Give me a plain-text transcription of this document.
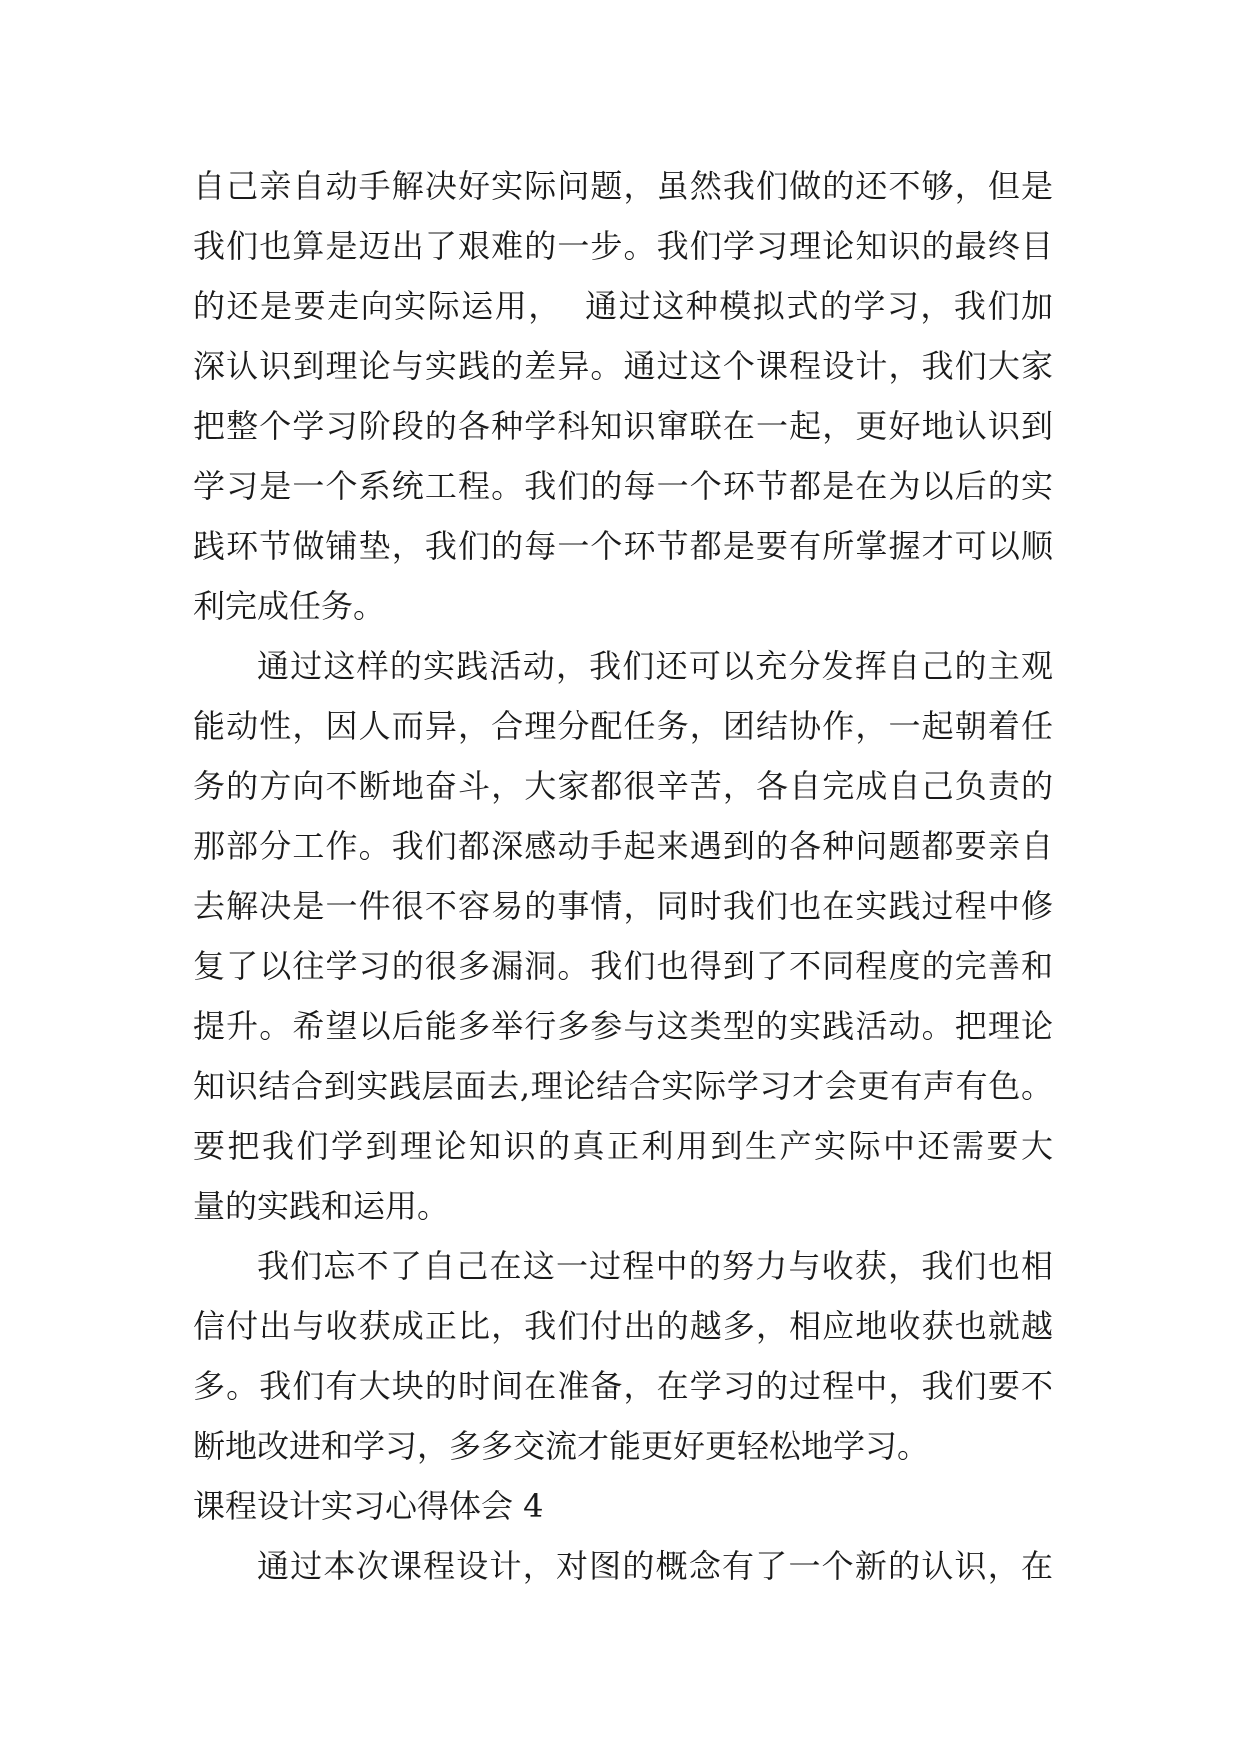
自己亲自动手解决好实际问题，虽然我们做的还不够，但是
我们也算是迈出了艰难的一步。我们学习理论知识的最终目
的还是要走向实际运用，  通过这种模拟式的学习，我们加
深认识到理论与实践的差异。通过这个课程设计，我们大家
把整个学习阶段的各种学科知识窜联在一起，更好地认识到
学习是一个系统工程。我们的每一个环节都是在为以后的实
践环节做铺垫，我们的每一个环节都是要有所掌握才可以顺
利完成任务。
通过这样的实践活动，我们还可以充分发挥自己的主观
能动性，因人而异，合理分配任务，团结协作，一起朝着任
务的方向不断地奋斗，大家都很辛苦，各自完成自己负责的
那部分工作。我们都深感动手起来遇到的各种问题都要亲自
去解决是一件很不容易的事情，同时我们也在实践过程中修
复了以往学习的很多漏洞。我们也得到了不同程度的完善和
提升。希望以后能多举行多参与这类型的实践活动。把理论
知识结合到实践层面去,理论结合实际学习才会更有声有色。
要把我们学到理论知识的真正利用到生产实际中还需要大
量的实践和运用。
我们忘不了自己在这一过程中的努力与收获，我们也相
信付出与收获成正比，我们付出的越多，相应地收获也就越
多。我们有大块的时间在准备，在学习的过程中，我们要不
断地改进和学习，多多交流才能更好更轻松地学习。
课程设计实习心得体会 4
通过本次课程设计，对图的概念有了一个新的认识，在
